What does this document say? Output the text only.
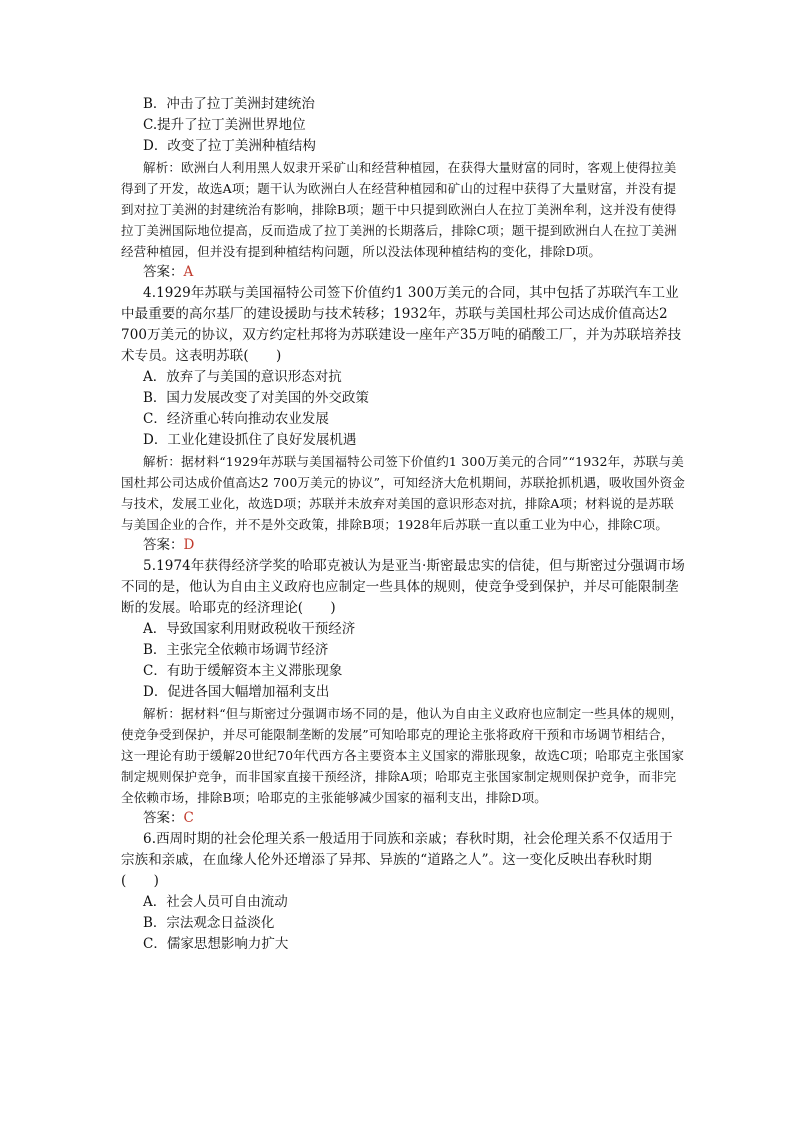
B．冲击了拉丁美洲封建统治

C.提升了拉丁美洲世界地位

D．改变了拉丁美洲种植结构

解析：欧洲白人利用黑人奴隶开采矿山和经营种植园，在获得大量财富的同时，客观上使得拉美得到了开发，故选A项；题干认为欧洲白人在经营种植园和矿山的过程中获得了大量财富，并没有提到对拉丁美洲的封建统治有影响，排除B项；题干中只提到欧洲白人在拉丁美洲牟利，这并没有使得拉丁美洲国际地位提高，反而造成了拉丁美洲的长期落后，排除C项；题干提到欧洲白人在拉丁美洲经营种植园，但并没有提到种植结构问题，所以没法体现种植结构的变化，排除D项。

答案：A

4.1929年苏联与美国福特公司签下价值约1 300万美元的合同，其中包括了苏联汽车工业中最重要的高尔基厂的建设援助与技术转移；1932年，苏联与美国杜邦公司达成价值高达2 700万美元的协议，双方约定杜邦将为苏联建设一座年产35万吨的硝酸工厂，并为苏联培养技术专员。这表明苏联(　　)

A．放弃了与美国的意识形态对抗

B．国力发展改变了对美国的外交政策

C．经济重心转向推动农业发展

D．工业化建设抓住了良好发展机遇

解析：据材料“1929年苏联与美国福特公司签下价值约1 300万美元的合同”“1932年，苏联与美国杜邦公司达成价值高达2 700万美元的协议”，可知经济大危机期间，苏联抢抓机遇，吸收国外资金与技术，发展工业化，故选D项；苏联并未放弃对美国的意识形态对抗，排除A项；材料说的是苏联与美国企业的合作，并不是外交政策，排除B项；1928年后苏联一直以重工业为中心，排除C项。

答案：D

5.1974年获得经济学奖的哈耶克被认为是亚当·斯密最忠实的信徒，但与斯密过分强调市场不同的是，他认为自由主义政府也应制定一些具体的规则，使竞争受到保护，并尽可能限制垄断的发展。哈耶克的经济理论(　　)

A．导致国家利用财政税收干预经济

B．主张完全依赖市场调节经济

C．有助于缓解资本主义滞胀现象

D．促进各国大幅增加福利支出

解析：据材料“但与斯密过分强调市场不同的是，他认为自由主义政府也应制定一些具体的规则，使竞争受到保护，并尽可能限制垄断的发展”可知哈耶克的理论主张将政府干预和市场调节相结合，这一理论有助于缓解20世纪70年代西方各主要资本主义国家的滞胀现象，故选C项；哈耶克主张国家制定规则保护竞争，而非国家直接干预经济，排除A项；哈耶克主张国家制定规则保护竞争，而非完全依赖市场，排除B项；哈耶克的主张能够减少国家的福利支出，排除D项。

答案：C

6.西周时期的社会伦理关系一般适用于同族和亲戚；春秋时期，社会伦理关系不仅适用于宗族和亲戚，在血缘人伦外还增添了异邦、异族的“道路之人”。这一变化反映出春秋时期(　　)

A．社会人员可自由流动

B．宗法观念日益淡化

C．儒家思想影响力扩大
